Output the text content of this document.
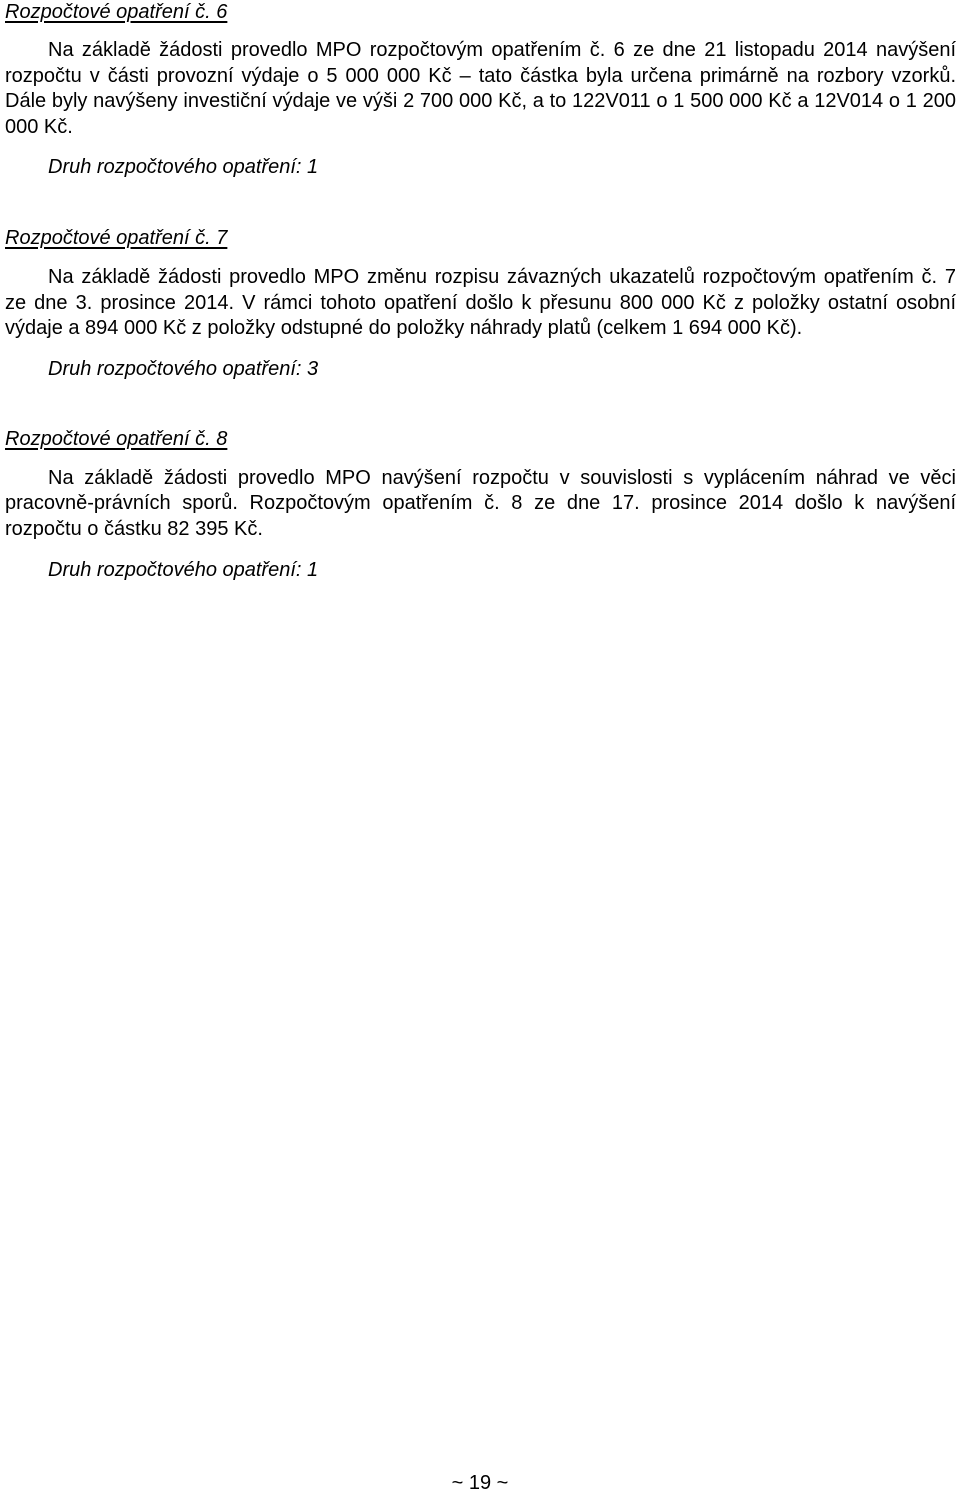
Rozpočtové opatření č. 6

Na základě žádosti provedlo MPO rozpočtovým opatřením č. 6 ze dne 21 listopadu 2014 navýšení rozpočtu v části provozní výdaje o 5 000 000 Kč – tato částka byla určena primárně na rozbory vzorků. Dále byly navýšeny investiční výdaje ve výši 2 700 000 Kč, a to 122V011 o 1 500 000 Kč a 12V014 o 1 200 000 Kč.

Druh rozpočtového opatření: 1

Rozpočtové opatření č. 7

Na základě žádosti provedlo MPO změnu rozpisu závazných ukazatelů rozpočtovým opatřením č. 7 ze dne 3. prosince 2014. V rámci tohoto opatření došlo k přesunu 800 000 Kč z položky ostatní osobní výdaje a 894 000 Kč z položky odstupné do položky náhrady platů (celkem 1 694 000 Kč).

Druh rozpočtového opatření: 3

Rozpočtové opatření č. 8

Na základě žádosti provedlo MPO navýšení rozpočtu v souvislosti s vyplácením náhrad ve věci pracovně-právních sporů. Rozpočtovým opatřením č. 8 ze dne 17. prosince 2014 došlo k navýšení rozpočtu o částku 82 395 Kč.

Druh rozpočtového opatření: 1

~ 19 ~
